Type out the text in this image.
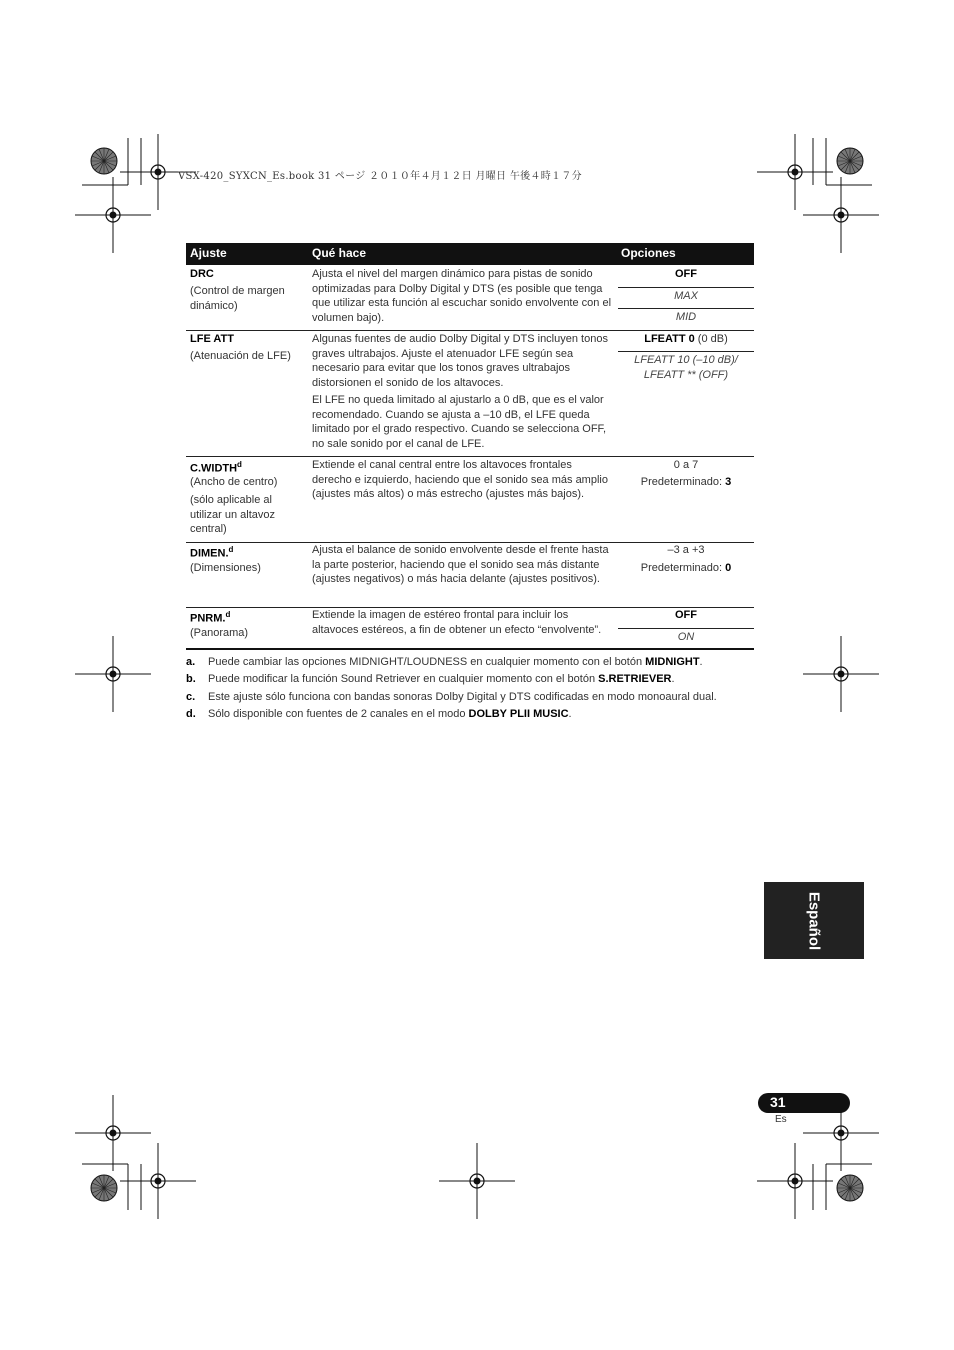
VSX-420_SYXCN_Es.book 31 ページ ２０１０年４月１２日 月曜日 午後４時１７分
Ajuste	Qué hace	Opciones
DRC
(Control de margen dinámico)
Ajusta el nivel del margen dinámico para pistas de sonido optimizadas para Dolby Digital y DTS (es posible que tenga que utilizar esta función al escuchar sonido envolvente con el volumen bajo).
OFF
MAX
MID
LFE ATT
(Atenuación de LFE)
Algunas fuentes de audio Dolby Digital y DTS incluyen tonos graves ultrabajos. Ajuste el atenuador LFE según sea necesario para evitar que los tonos graves ultrabajos distorsionen el sonido de los altavoces.
El LFE no queda limitado al ajustarlo a 0 dB, que es el valor recomendado. Cuando se ajusta a –10 dB, el LFE queda limitado por el grado respectivo. Cuando se selecciona OFF, no sale sonido por el canal de LFE.
LFEATT 0 (0 dB)
LFEATT 10 (–10 dB)/ LFEATT ** (OFF)
C.WIDTH$^d$
(Ancho de centro)
(sólo aplicable al utilizar un altavoz central)
Extiende el canal central entre los altavoces frontales derecho e izquierdo, haciendo que el sonido sea más amplio (ajustes más altos) o más estrecho (ajustes más bajos).
0 a 7
Predeterminado: 3
DIMEN.$^d$
(Dimensiones)
Ajusta el balance de sonido envolvente desde el frente hasta la parte posterior, haciendo que el sonido sea más distante (ajustes negativos) o más hacia delante (ajustes positivos).
–3 a +3
Predeterminado: 0
PNRM.$^d$
(Panorama)
Extiende la imagen de estéreo frontal para incluir los altavoces estéreos, a fin de obtener un efecto “envolvente”.
OFF
ON
a. Puede cambiar las opciones MIDNIGHT/LOUDNESS en cualquier momento con el botón MIDNIGHT.
b. Puede modificar la función Sound Retriever en cualquier momento con el botón S.RETRIEVER.
c. Este ajuste sólo funciona con bandas sonoras Dolby Digital y DTS codificadas en modo monoaural dual.
d. Sólo disponible con fuentes de 2 canales en el modo DOLBY PLII MUSIC.
Español
31
Es
